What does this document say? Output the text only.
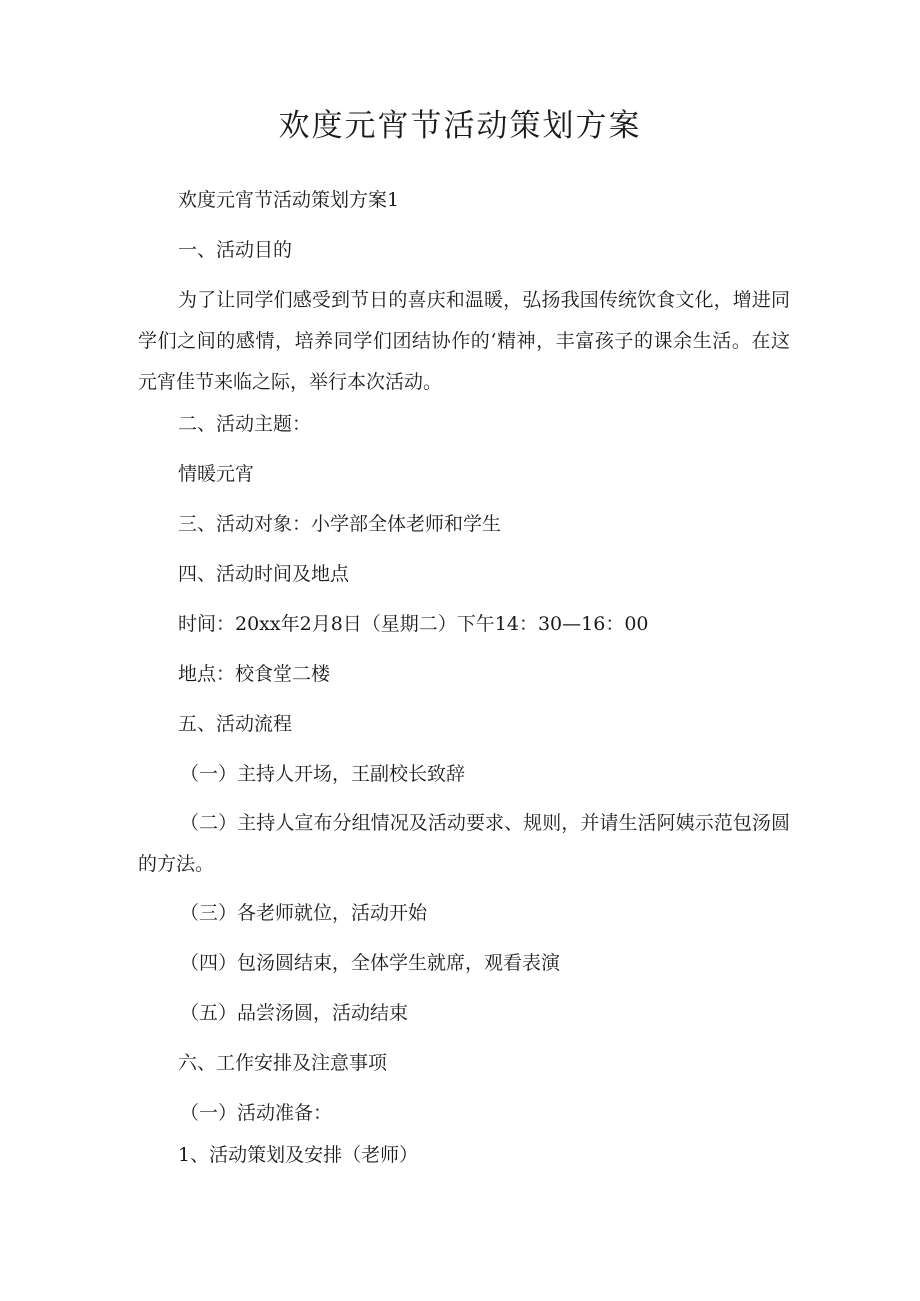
欢度元宵节活动策划方案

欢度元宵节活动策划方案1

一、活动目的

为了让同学们感受到节日的喜庆和温暖，弘扬我国传统饮食文化，增进同学们之间的感情，培养同学们团结协作的‘精神，丰富孩子的课余生活。在这元宵佳节来临之际，举行本次活动。

二、活动主题：

情暖元宵

三、活动对象：小学部全体老师和学生

四、活动时间及地点

时间：20xx年2月8日（星期二）下午14：30—16：00

地点：校食堂二楼

五、活动流程

（一）主持人开场，王副校长致辞

（二）主持人宣布分组情况及活动要求、规则，并请生活阿姨示范包汤圆的方法。

（三）各老师就位，活动开始

（四）包汤圆结束，全体学生就席，观看表演

（五）品尝汤圆，活动结束

六、工作安排及注意事项

（一）活动准备：

1、活动策划及安排（老师）
